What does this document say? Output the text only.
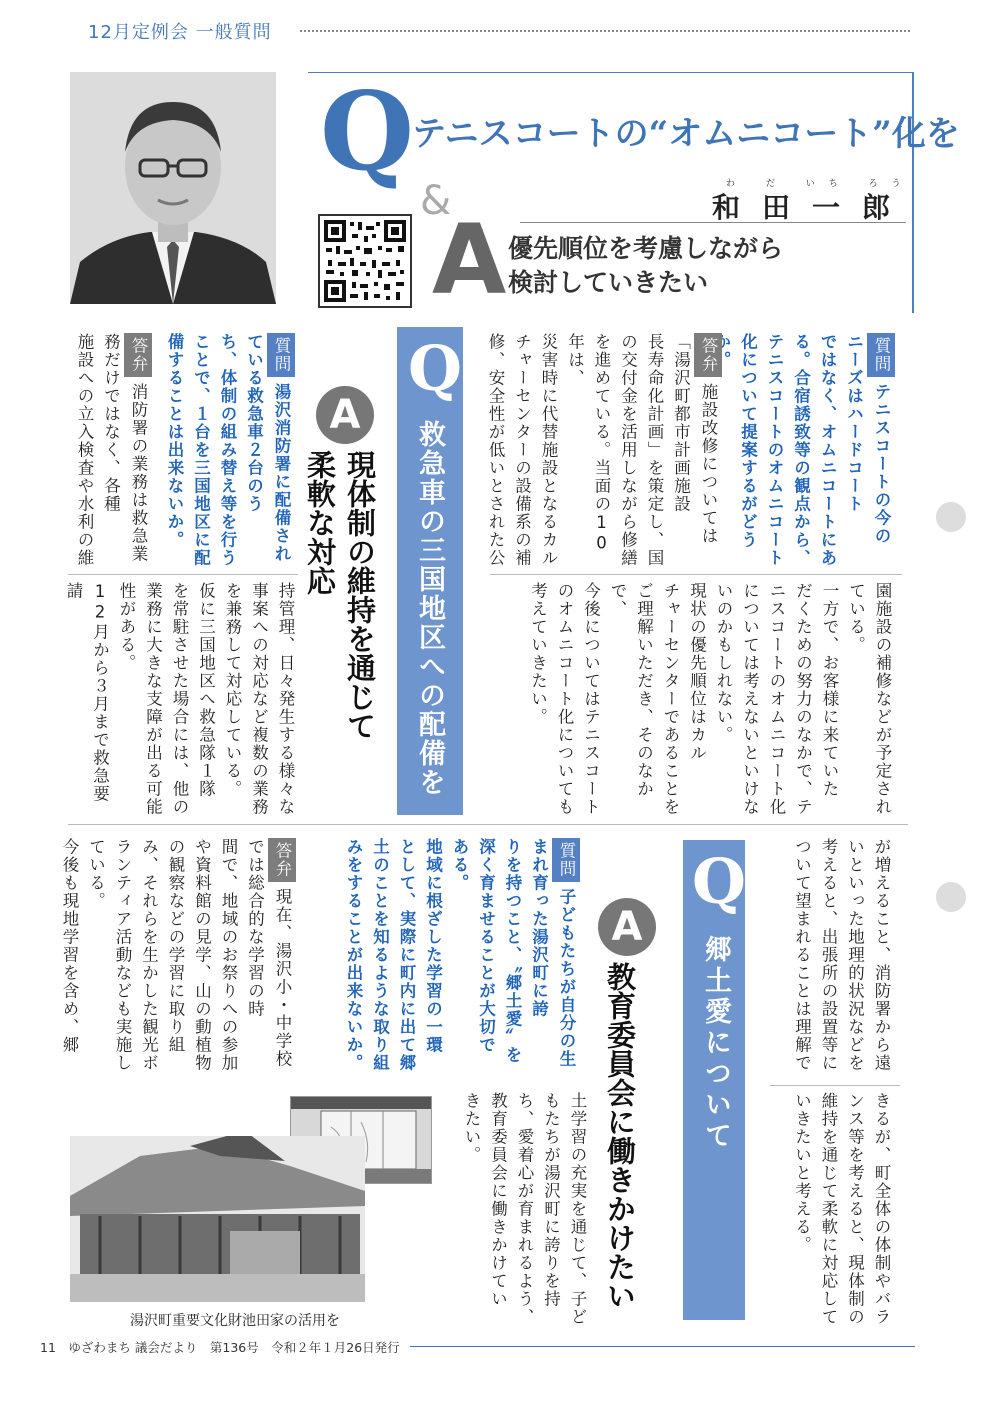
12月定例会 一般質問
Q
&
A
テニスコートの“オムニコート”化を
わ だ いち ろう
和田一郎
優先順位を考慮しながら
検討していきたい
質問テニスコートの今の
ニーズはハードコート
ではなく、オムニコートにあ
る。合宿誘致等の観点から、
テニスコートのオムニコート
化について提案するがどう
答弁施設改修については
「湯沢町都市計画施設
長寿命化計画」を策定し、国
の交付金を活用しながら修繕
を進めている。当面の10年は、
災害時に代替施設となるカル
チャーセンターの設備系の補
修、安全性が低いとされた公
園施設の補修などが予定され
ている。
一方で、お客様に来ていた
だくための努力のなかで、テ
ニスコートのオムニコート化
については考えないといけな
いのかもしれない。
現状の優先順位はカル
チャーセンターであることを
ご理解いただき、そのなかで、
今後についてはテニスコート
のオムニコート化についても
考えていきたい。
Q
救急車の三国地区への配備を
A
現体制の維持を通じて
柔軟な対応
質問湯沢消防署に配備され
ている救急車２台のう
ち、体制の組み替え等を行う
ことで、１台を三国地区に配
備することは出来ないか。
答弁消防署の業務は救急業
務だけではなく、各種
施設への立入検査や水利の維
持管理、日々発生する様々な
事案への対応など複数の業務
を兼務して対応している。
仮に三国地区へ救急隊１隊
を常駐させた場合には、他の
業務に大きな支障が出る可能
性がある。
12月から３月まで救急要請
が増えること、消防署から遠
いといった地理的状況などを
考えると、出張所の設置等に
ついて望まれることは理解で
きるが、町全体の体制やバラ
ンス等を考えると、現体制の
維持を通じて柔軟に対応して
いきたいと考える。
Q
郷土愛について
A
教育委員会に働きかけたい
質問子どもたちが自分の生
まれ育った湯沢町に誇
りを持つこと、〝郷土愛〟を
深く育ませることが大切で
ある。
地域に根ざした学習の一環
として、実際に町内に出て郷
土のことを知るような取り組
みをすることが出来ないか。
答弁現在、湯沢小・中学校
では総合的な学習の時
間で、地域のお祭りへの参加
や資料館の見学、山の動植物
の観察などの学習に取り組
み、それらを生かした観光ボ
ランティア活動なども実施し
ている。
今後も現地学習を含め、郷
土学習の充実を通じて、子ど
もたちが湯沢町に誇りを持
ち、愛着心が育まれるよう、
教育委員会に働きかけてい
きたい。
湯沢町重要文化財池田家の活用を
11　ゆざわまち 議会だより　第136号　令和２年１月26日発行
